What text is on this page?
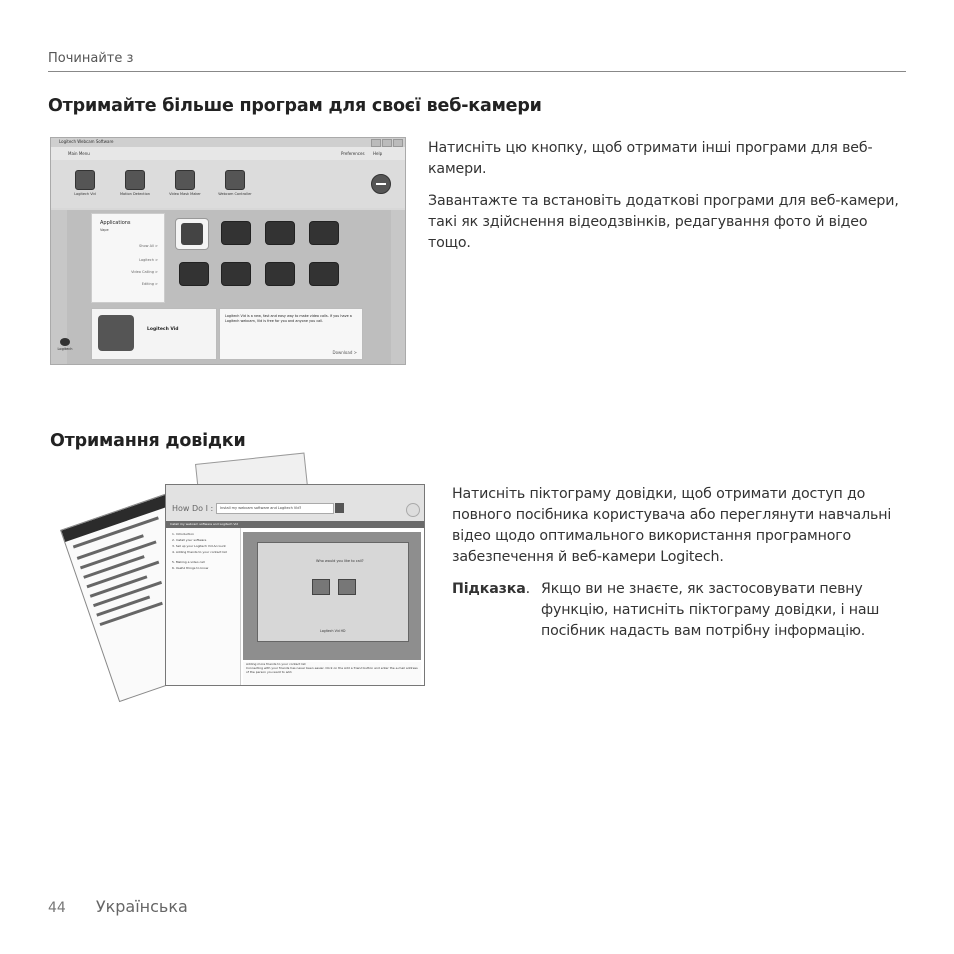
Починайте з
Отримайте більше програм для своєї веб-камери
Logitech Webcam Software
Main Menu	Preferences Help
Logitech Vid	Motion Detection	Video Mask Maker	Webcam Controller
Applications
Vape
Show All >
Logitech >
Video Calling >
Editing >
Logitech Vid
Logitech Vid is a new, fast and easy way to make video calls. If you have a Logitech webcam, Vid is free for you and anyone you call.
Download >
Logitech

Натисніть цю кнопку, щоб отримати інші програми для веб-камери.

Завантажте та встановіть додаткові програми для веб-камери, такі як здійснення відеодзвінків, редагування фото й відео тощо.

Отримання довідки
How Do I : Install my webcam software and Logitech Vid?
Install my webcam software and Logitech Vid
1. Introduction
2. Install your software
3. Set up your Logitech Vid Account
4. Adding friends to your contact list
5. Making a video call
6. Useful things to know
Who would you like to call?
Logitech Vid HD
Adding more friends to your contact list
Connecting with your friends has never been easier. Click on the Add a friend button and enter the e-mail address of the person you want to add.

Натисніть піктограму довідки, щоб отримати доступ до повного посібника користувача або переглянути навчальні відео щодо оптимального використання програмного забезпечення й веб-камери Logitech.

Підказка. Якщо ви не знаєте, як застосовувати певну функцію, натисніть піктограму довідки, і наш посібник надасть вам потрібну інформацію.
44 Українська
